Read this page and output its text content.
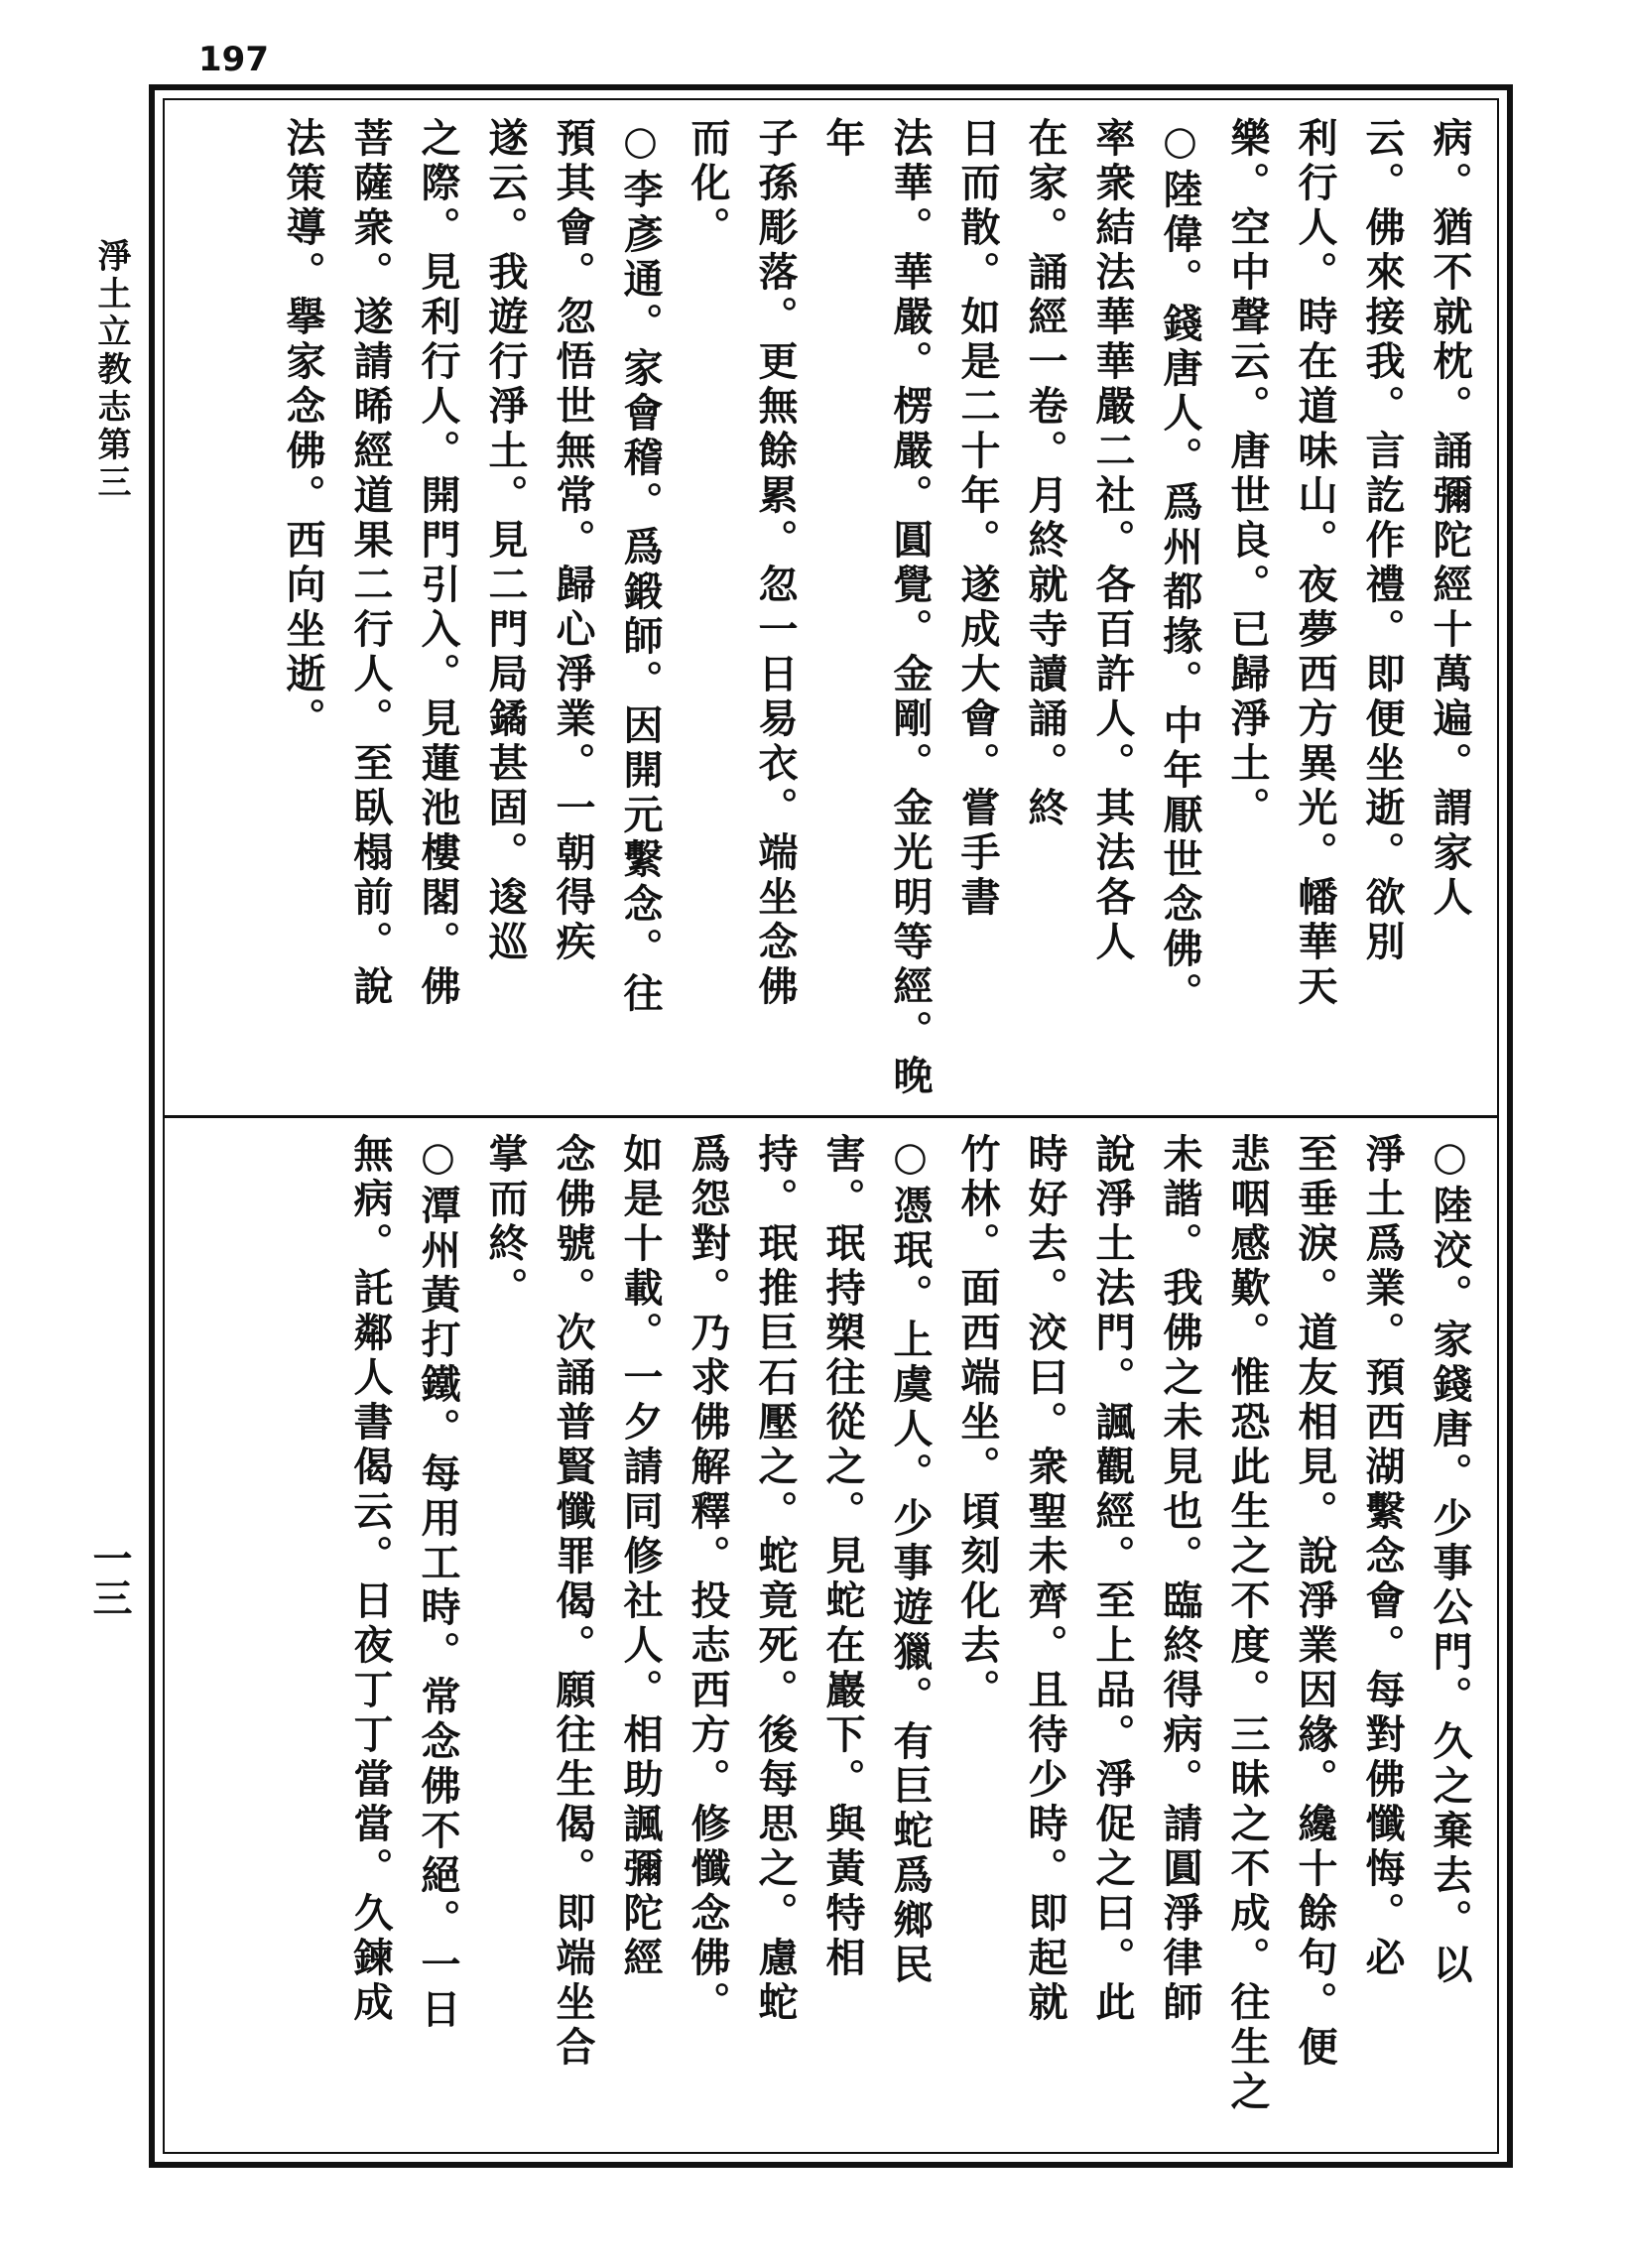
197
淨土立教志第三
一三

病。猶不就枕。誦彌陀經十萬遍。謂家人

云。佛來接我。言訖作禮。即便坐逝。欲別

利行人。時在道味山。夜夢西方異光。幡華天

樂。空中聲云。唐世良。已歸淨土。

○陸偉。錢唐人。爲州都掾。中年厭世念佛。

率衆結法華華嚴二社。各百許人。其法各人

在家。誦經一卷。月終就寺讀誦。終

日而散。如是二十年。遂成大會。嘗手書

法華。華嚴。楞嚴。圓覺。金剛。金光明等經。晚年

子孫彫落。更無餘累。忽一日易衣。端坐念佛

而化。

○李彥通。家會稽。爲鍛師。因開元繫念。往

預其會。忽悟世無常。歸心淨業。一朝得疾

遂云。我遊行淨土。見二門局鐍甚固。逡巡

之際。見利行人。開門引入。見蓮池樓閣。佛

菩薩衆。遂請晞經道果二行人。至臥榻前。說

法策導。擧家念佛。西向坐逝。

○陸洨。家錢唐。少事公門。久之棄去。以

淨土爲業。預西湖繫念會。每對佛懺悔。必

至垂淚。道友相見。說淨業因緣。纔十餘句。便

悲咽感歎。惟恐此生之不度。三昧之不成。往生之

未諧。我佛之未見也。臨終得病。請圓淨律師

說淨土法門。諷觀經。至上品。淨促之曰。此

時好去。洨曰。衆聖未齊。且待少時。即起就

竹林。面西端坐。頃刻化去。

○憑珉。上虞人。少事遊獵。有巨蛇爲鄉民

害。珉持槊往從之。見蛇在巖下。與黃特相

持。珉推巨石壓之。蛇竟死。後每思之。慮蛇

爲怨對。乃求佛解釋。投志西方。修懺念佛。

如是十載。一夕請同修社人。相助諷彌陀經

念佛號。次誦普賢懺罪偈。願往生偈。即端坐合

掌而終。

○潭州黃打鐵。每用工時。常念佛不絕。一日

無病。託鄰人書偈云。日夜丁丁當當。久鍊成
